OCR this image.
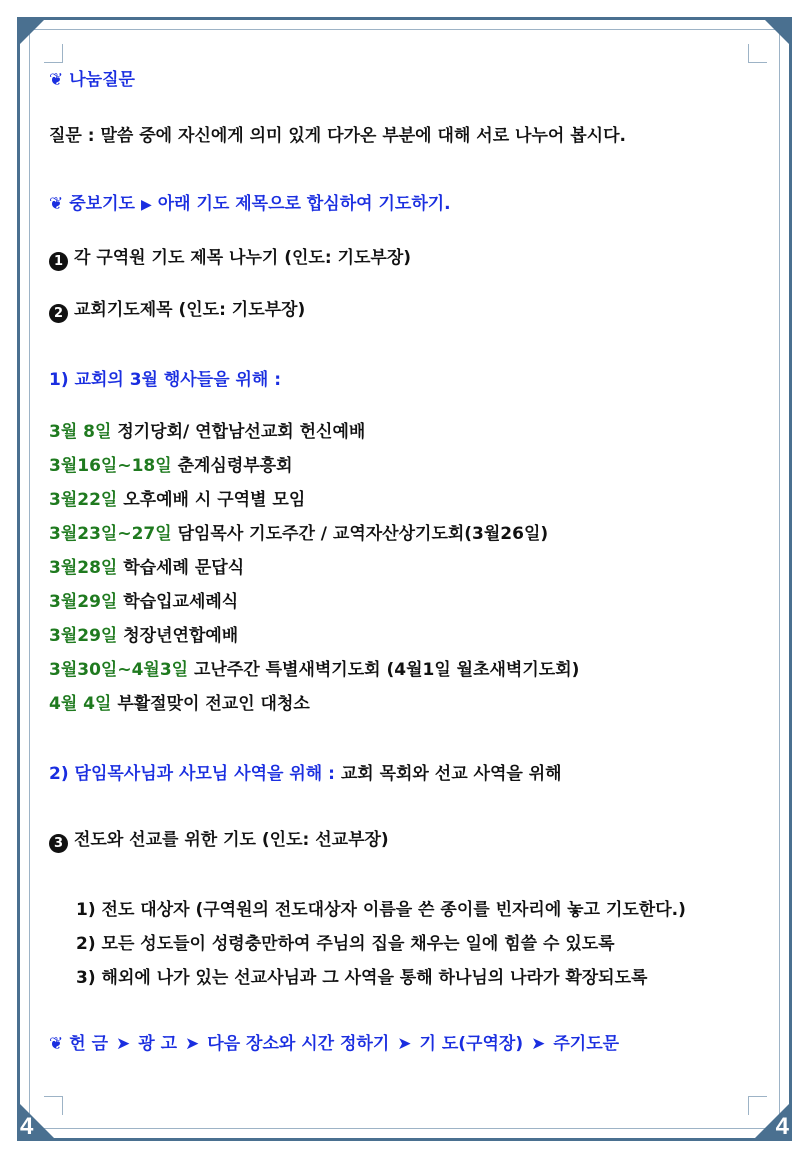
4	4
❦ 나눔질문
질문 : 말씀 중에 자신에게 의미 있게 다가온 부분에 대해 서로 나누어 봅시다.
❦ 중보기도 ▶ 아래 기도 제목으로 합심하여 기도하기.
1 각 구역원 기도 제목 나누기 (인도: 기도부장)
2 교회기도제목 (인도: 기도부장)
1) 교회의 3월 행사들을 위해 :
3월 8일 정기당회/ 연합남선교회 헌신예배
3월16일~18일 춘계심령부흥회
3월22일 오후예배 시 구역별 모임
3월23일~27일 담임목사 기도주간 / 교역자산상기도회(3월26일)
3월28일 학습세례 문답식
3월29일 학습입교세례식
3월29일 청장년연합예배
3월30일~4월3일 고난주간 특별새벽기도회 (4월1일 월초새벽기도회)
4월 4일 부활절맞이 전교인 대청소
2) 담임목사님과 사모님 사역을 위해 : 교회 목회와 선교 사역을 위해
3 전도와 선교를 위한 기도 (인도: 선교부장)
1) 전도 대상자 (구역원의 전도대상자 이름을 쓴 종이를 빈자리에 놓고 기도한다.)
2) 모든 성도들이 성령충만하여 주님의 집을 채우는 일에 힘쓸 수 있도록
3) 해외에 나가 있는 선교사님과 그 사역을 통해 하나님의 나라가 확장되도록
❦ 헌 금 ➤ 광 고 ➤ 다음 장소와 시간 정하기 ➤ 기 도(구역장) ➤ 주기도문
